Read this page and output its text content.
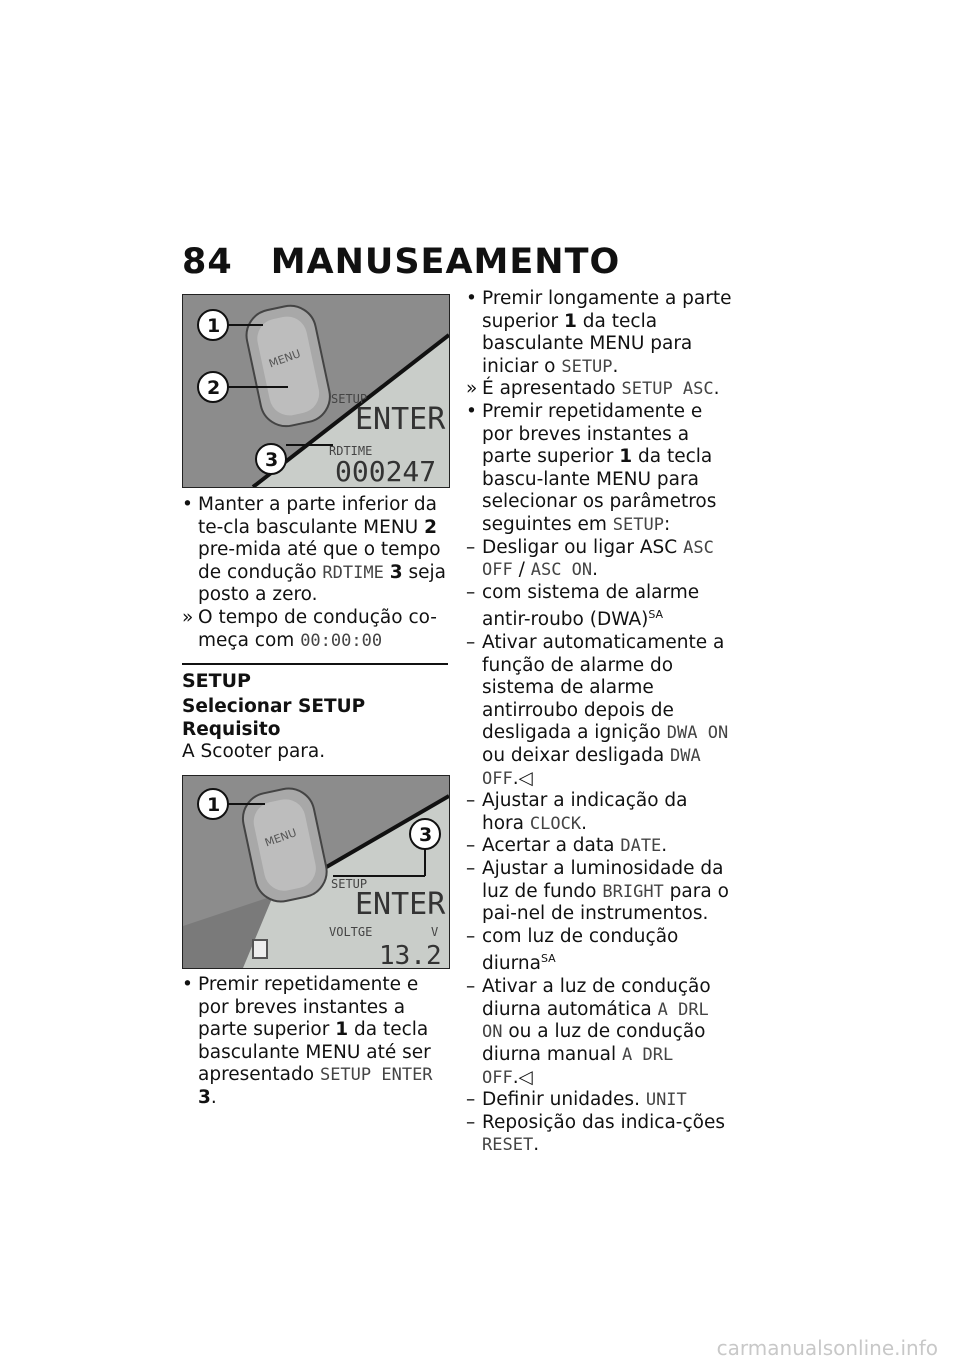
84 MANUSEAMENTO
MENU
1
2
3
SETUP
ENTER
RDTIME
000247

• Manter a parte inferior da te-cla basculante MENU 2 pre-mida até que o tempo de condução RDTIME 3 seja posto a zero.

» O tempo de condução co-meça com 00:00:00

SETUP
Selecionar SETUP
Requisito
A Scooter para.
MENU
1
3
SETUP
ENTER
VOLTGE	V
13.2

• Premir repetidamente e por breves instantes a parte superior 1 da tecla basculante MENU até ser apresentado SETUP ENTER 3.

• Premir longamente a parte superior 1 da tecla basculante MENU para iniciar o SETUP.

» É apresentado SETUP ASC.

• Premir repetidamente e por breves instantes a parte superior 1 da tecla bascu-lante MENU para selecionar os parâmetros seguintes em SETUP:

– Desligar ou ligar ASC ASC OFF / ASC ON.

– com sistema de alarme antir-roubo (DWA)$^{SA}$

– Ativar automaticamente a função de alarme do sistema de alarme antirroubo depois de desligada a ignição DWA ON ou deixar desligada DWA OFF.◁

– Ajustar a indicação da hora CLOCK.

– Acertar a data DATE.

– Ajustar a luminosidade da luz de fundo BRIGHT para o pai-nel de instrumentos.

– com luz de condução diurna$^{SA}$

– Ativar a luz de condução diurna automática A DRL ON ou a luz de condução diurna manual A DRL OFF.◁

– Definir unidades. UNIT

– Reposição das indica-ções RESET.

carmanualsonline.info
